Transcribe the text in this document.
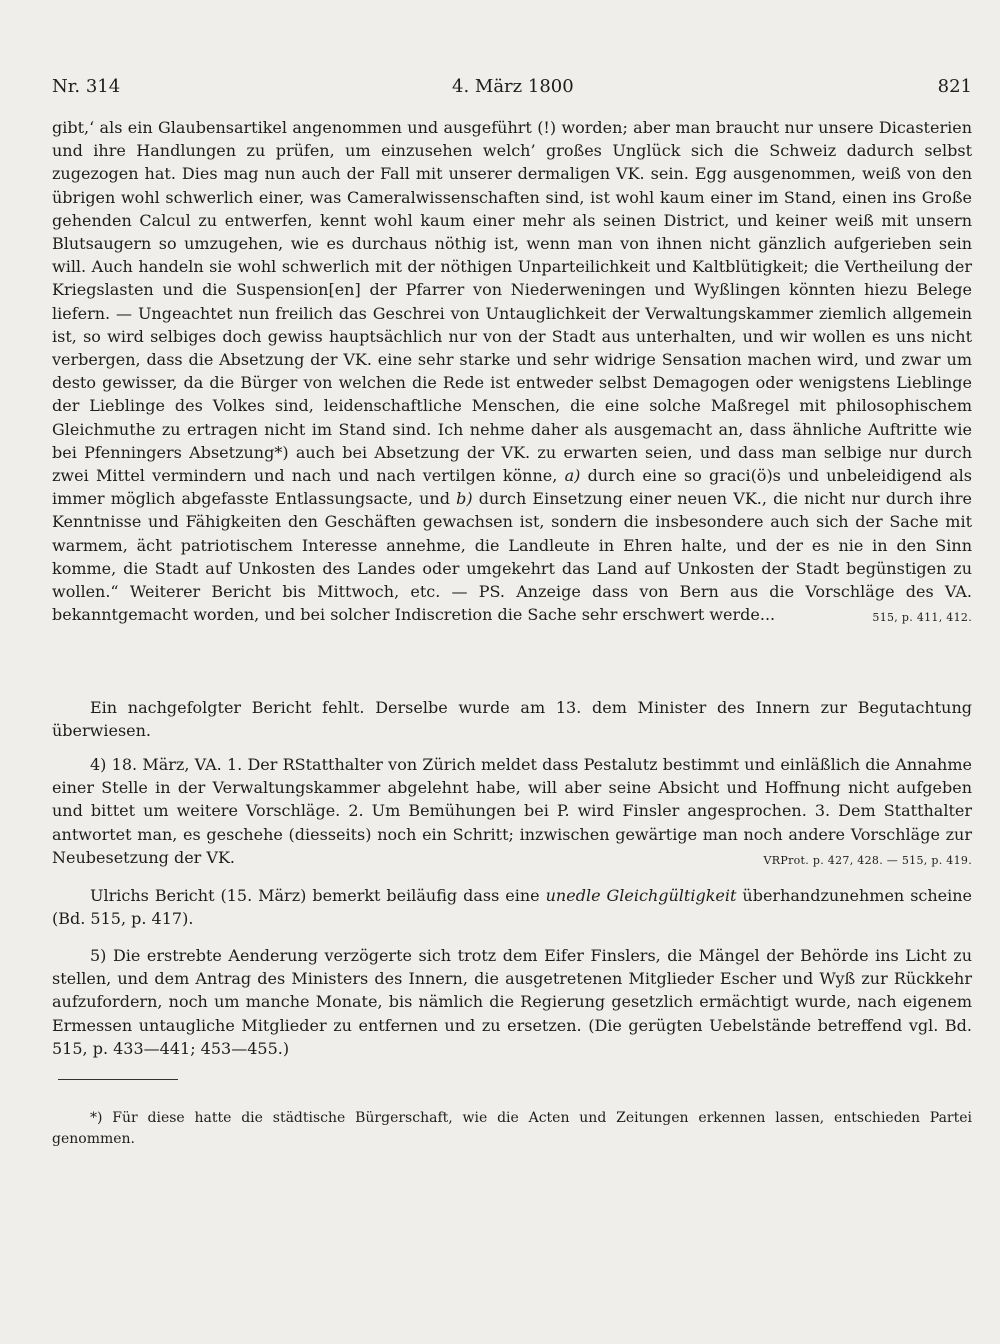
Nr. 314	4. März 1800	821

gibt,‘ als ein Glaubensartikel angenommen und ausgeführt (!) worden; aber man braucht nur unsere Dicasterien und ihre Handlungen zu prüfen, um einzusehen welch’ großes Unglück sich die Schweiz dadurch selbst zugezogen hat. Dies mag nun auch der Fall mit unserer dermaligen VK. sein. Egg ausgenommen, weiß von den übrigen wohl schwerlich einer, was Cameralwissenschaften sind, ist wohl kaum einer im Stand, einen ins Große gehenden Calcul zu entwerfen, kennt wohl kaum einer mehr als seinen District, und keiner weiß mit unsern Blutsaugern so umzugehen, wie es durchaus nöthig ist, wenn man von ihnen nicht gänzlich aufgerieben sein will. Auch handeln sie wohl schwerlich mit der nöthigen Unparteilichkeit und Kaltblütigkeit; die Vertheilung der Kriegslasten und die Suspension[en] der Pfarrer von Niederweningen und Wyßlingen könnten hiezu Belege liefern. — Ungeachtet nun freilich das Geschrei von Untauglichkeit der Verwaltungskammer ziemlich allgemein ist, so wird selbiges doch gewiss hauptsächlich nur von der Stadt aus unterhalten, und wir wollen es uns nicht verbergen, dass die Absetzung der VK. eine sehr starke und sehr widrige Sensation machen wird, und zwar um desto gewisser, da die Bürger von welchen die Rede ist entweder selbst Demagogen oder wenigstens Lieblinge der Lieblinge des Volkes sind, leidenschaftliche Menschen, die eine solche Maßregel mit philosophischem Gleichmuthe zu ertragen nicht im Stand sind. Ich nehme daher als ausgemacht an, dass ähnliche Auftritte wie bei Pfenningers Absetzung*) auch bei Absetzung der VK. zu erwarten seien, und dass man selbige nur durch zwei Mittel vermindern und nach und nach vertilgen könne, a) durch eine so graci(ö)s und unbeleidigend als immer möglich abgefasste Entlassungsacte, und b) durch Einsetzung einer neuen VK., die nicht nur durch ihre Kenntnisse und Fähigkeiten den Geschäften gewachsen ist, sondern die insbesondere auch sich der Sache mit warmem, ächt patriotischem Interesse annehme, die Landleute in Ehren halte, und der es nie in den Sinn komme, die Stadt auf Unkosten des Landes oder umgekehrt das Land auf Unkosten der Stadt begünstigen zu wollen.“ Weiterer Bericht bis Mittwoch, etc. — PS. Anzeige dass von Bern aus die Vorschläge des VA. bekanntgemacht worden, und bei solcher Indiscretion die Sache sehr erschwert werde...	515, p. 411, 412.

Ein nachgefolgter Bericht fehlt. Derselbe wurde am 13. dem Minister des Innern zur Begutachtung überwiesen.

4) 18. März, VA. 1. Der RStatthalter von Zürich meldet dass Pestalutz bestimmt und einläßlich die Annahme einer Stelle in der Verwaltungskammer abgelehnt habe, will aber seine Absicht und Hoffnung nicht aufgeben und bittet um weitere Vorschläge. 2. Um Bemühungen bei P. wird Finsler angesprochen. 3. Dem Statthalter antwortet man, es geschehe (diesseits) noch ein Schritt; inzwischen gewärtige man noch andere Vorschläge zur Neubesetzung der VK.	VRProt. p. 427, 428. — 515, p. 419.

Ulrichs Bericht (15. März) bemerkt beiläufig dass eine unedle Gleichgültigkeit überhandzunehmen scheine (Bd. 515, p. 417).

5) Die erstrebte Aenderung verzögerte sich trotz dem Eifer Finslers, die Mängel der Behörde ins Licht zu stellen, und dem Antrag des Ministers des Innern, die ausgetretenen Mitglieder Escher und Wyß zur Rückkehr aufzufordern, noch um manche Monate, bis nämlich die Regierung gesetzlich ermächtigt wurde, nach eigenem Ermessen untaugliche Mitglieder zu entfernen und zu ersetzen. (Die gerügten Uebelstände betreffend vgl. Bd. 515, p. 433—441; 453—455.)

*) Für diese hatte die städtische Bürgerschaft, wie die Acten und Zeitungen erkennen lassen, entschieden Partei genommen.
